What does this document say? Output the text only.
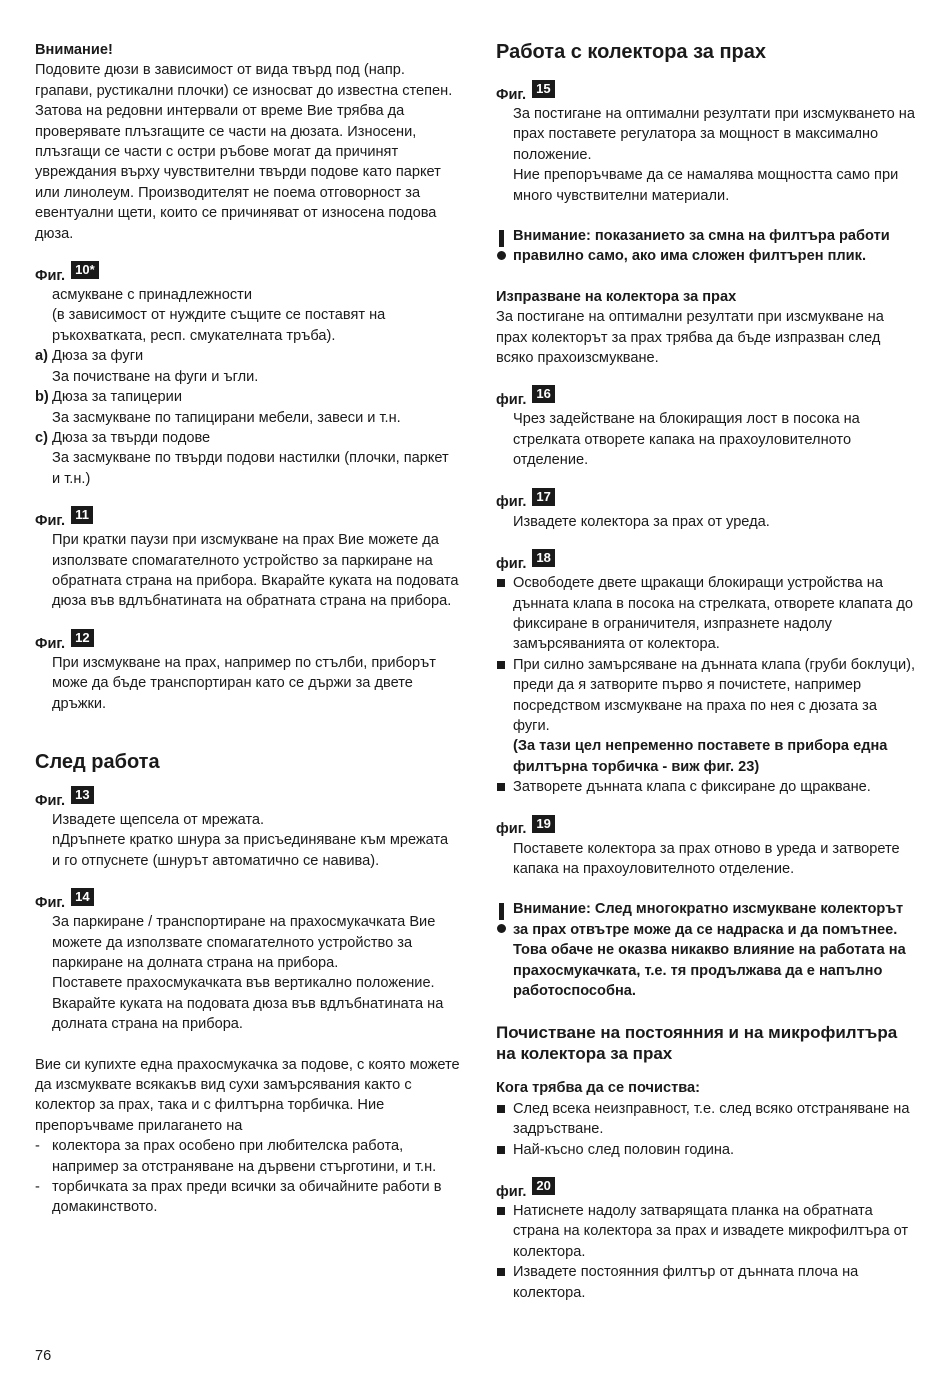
Внимание!

Подовите дюзи в зависимост от вида твърд под (напр. грапави, рустикални плочки) се износват до известна степен. Затова на редовни интервали от време Вие трябва да проверявате плъзгащите се части на дюзата. Износени, плъзгащи се части с остри ръбове могат да причинят увреждания върху чувствителни твърди подове като паркет или линолеум. Производителят не поема отговорност за евентуални щети, които се причиняват от износена подова дюза.

Фиг. 10*

асмукване с принадлежности

(в зависимост от нуждите същите се поставят на ръкохватката, респ. смукателната тръба).

a) Дюза за фуги

За почистване на фуги и ъгли.

b) Дюза за тапицерии

За засмукване по тапицирани мебели, завеси и т.н.

c) Дюза за твърди подове

За засмукване по твърди подови настилки (плочки, паркет и т.н.)

Фиг. 11

При кратки паузи при изсмукване на прах Вие можете да използвате спомагателното устройство за паркиране на обратната страна на прибора. Вкарайте куката на подовата дюза във вдлъбнатината на обратната страна на прибора.

Фиг. 12

При изсмукване на прах, например по стълби, приборът може да бъде транспортиран като се държи за двете дръжки.

След работа
Фиг. 13

Извадете щепсела от мрежата.

nДръпнете кратко шнура за присъединяване към мрежата и го отпуснете (шнурът автоматично се навива).

Фиг. 14

За паркиране / транспортиране на прахосмукачката Вие можете да използвате спомагателното устройство за паркиране на долната страна на прибора.

Поставете прахосмукачката във вертикално положение. Вкарайте куката на подовата дюза във вдлъбнатината на долната страна на прибора.

Вие си купихте една прахосмукачка за подове, с която можете да изсмуквате всякакъв вид сухи замърсявания както с колектор за прах, така и с филтърна торбичка. Ние препоръчваме прилагането на

- колектора за прах особено при любителска работа, например за отстраняване на дървени стърготини, и т.н.
- торбичката за прах преди всички за обичайните работи в домакинството.
Работа с колектора за прах
Фиг. 15

За постигане на оптимални резултати при изсмукването на прах поставете регулатора за мощност в максимално положение.

Ние препоръчваме да се намалява мощността само при много чувствителни материали.

Внимание: показанието за смна на филтъра работи правилно само, ако има сложен филтърен плик.

Изпразване на колектора за прах

За постигане на оптимални резултати при изсмукване на прах колекторът за прах трябва да бъде изпразван след всяко прахоизсмукване.

фиг. 16

Чрез задействане на блокиращия лост в посока на стрелката отворете капака на прахоуловителното отделение.

фиг. 17

Извадете колектора за прах от уреда.

фиг. 18
Освободете двете щракащи блокиращи устройства на дънната клапа в посока на стрелката, отворете клапата до фиксиране в ограничителя, изпразнете надолу замърсяванията от колектора.
При силно замърсяване на дънната клапа (груби боклуци), преди да я затворите първо я почистете, например посредством изсмукване на праха по нея с дюзата за фуги.
(За тази цел непременно поставете в прибора една филтърна торбичка - виж фиг. 23)
Затворете дънната клапа с фиксиране до щракване.
фиг. 19

Поставете колектора за прах отново в уреда и затворете капака на прахоуловителното отделение.

Внимание: След многократно изсмукване колекторът за прах отвътре може да се надраска и да помътнее. Това обаче не оказва никакво влияние на работата на прахосмукачката, т.е. тя продължава да е напълно работоспособна.
Почистване на постоянния и на микрофилтъра на колектора за прах

Кога трябва да се почиства:

След всека неизправност, т.е. след всяко отстраняване на задръстване.
Най-късно след половин година.
фиг. 20
Натиснете надолу затварящата планка на обратната страна на колектора за прах и извадете микрофилтъра от колектора.
Извадете постоянния филтър от дънната плоча на колектора.
76
